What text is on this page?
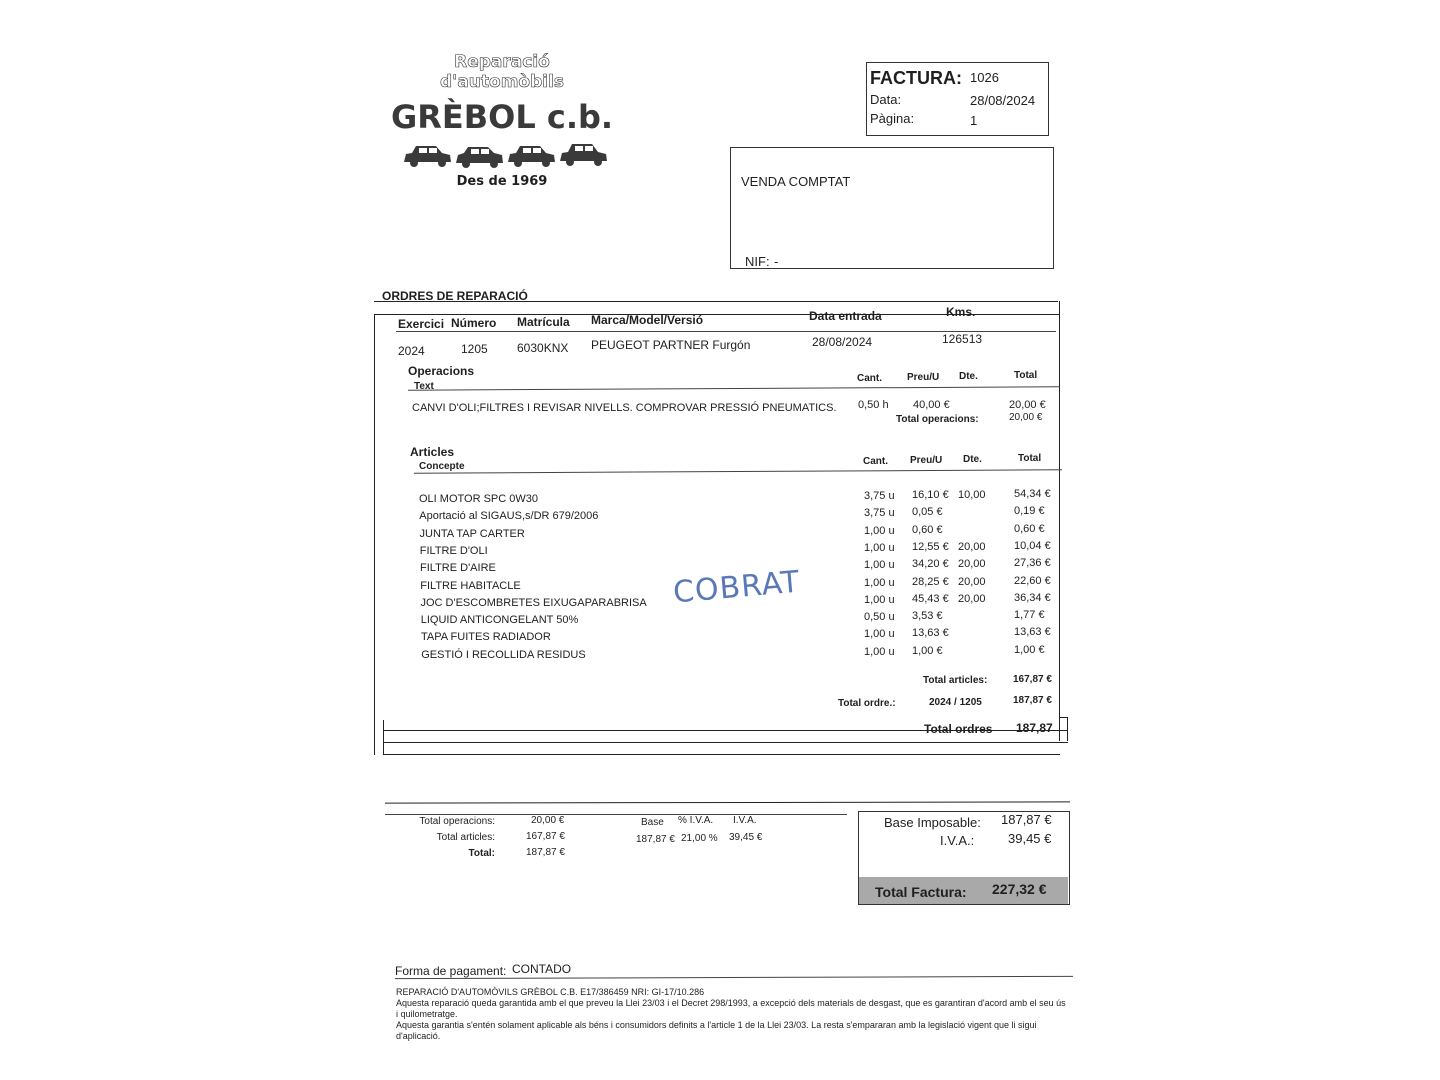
Reparació
d'automòbils
GRÈBOL c.b.
Des de 1969
FACTURA: 1026
Data:	28/08/2024
Pàgina:	1
VENDA COMPTAT
NIF: -
ORDRES DE REPARACIÓ
Exercici Número Matrícula Marca/Model/Versió	Data entrada	Kms.
2024	1205 6030KNX PEUGEOT PARTNER Furgón	28/08/2024	126513
Operacions
Text
Cant.	Preu/U Dte.	Total
CANVI D'OLI;FILTRES I REVISAR NIVELLS. COMPROVAR PRESSIÓ PNEUMATICS. 0,50 h 40,00 €	20,00 €
Total operacions:	20,00 €
Articles
Concepte	Cant. Preu/U Dte.	Total
OLI MOTOR SPC 0W30	3,75 u 16,10 € 10,00	54,34 €
Aportació al SIGAUS,s/DR 679/2006	3,75 u 0,05 €	0,19 €
JUNTA TAP CARTER	1,00 u 0,60 €	0,60 €
FILTRE D'OLI	1,00 u 12,55 € 20,00	10,04 €
FILTRE D'AIRE	1,00 u 34,20 € 20,00	27,36 €
FILTRE HABITACLE	1,00 u 28,25 € 20,00	22,60 €
JOC D'ESCOMBRETES EIXUGAPARABRISA	1,00 u 45,43 € 20,00	36,34 €
LIQUID ANTICONGELANT 50%	0,50 u 3,53 €	1,77 €
TAPA FUITES RADIADOR	1,00 u 13,63 €	13,63 €
GESTIÓ I RECOLLIDA RESIDUS	1,00 u 1,00 €	1,00 €
COBRAT
Total articles:	167,87 €
Total ordre.:	2024 / 1205	187,87 €
Total ordres 187,87
Total operacions:	20,00 €
Total articles:	167,87 €
Total:	187,87 €
Base % I.V.A. I.V.A.
187,87 € 21,00 % 39,45 €
Base Imposable: 187,87 €
I.V.A.:	39,45 €
Total Factura: 227,32 €
Forma de pagament: CONTADO
REPARACIÓ D'AUTOMÒVILS GRÈBOL C.B. E17/386459 NRI: GI-17/10.286
Aquesta reparació queda garantida amb el que preveu la Llei 23/03 i el Decret 298/1993, a excepció dels materials de desgast, que es garantiran d'acord amb el seu ús i quilometratge.
Aquesta garantia s'entén solament aplicable als béns i consumidors definits a l'article 1 de la Llei 23/03. La resta s'empararan amb la legislació vigent que li sigui d'aplicació.
